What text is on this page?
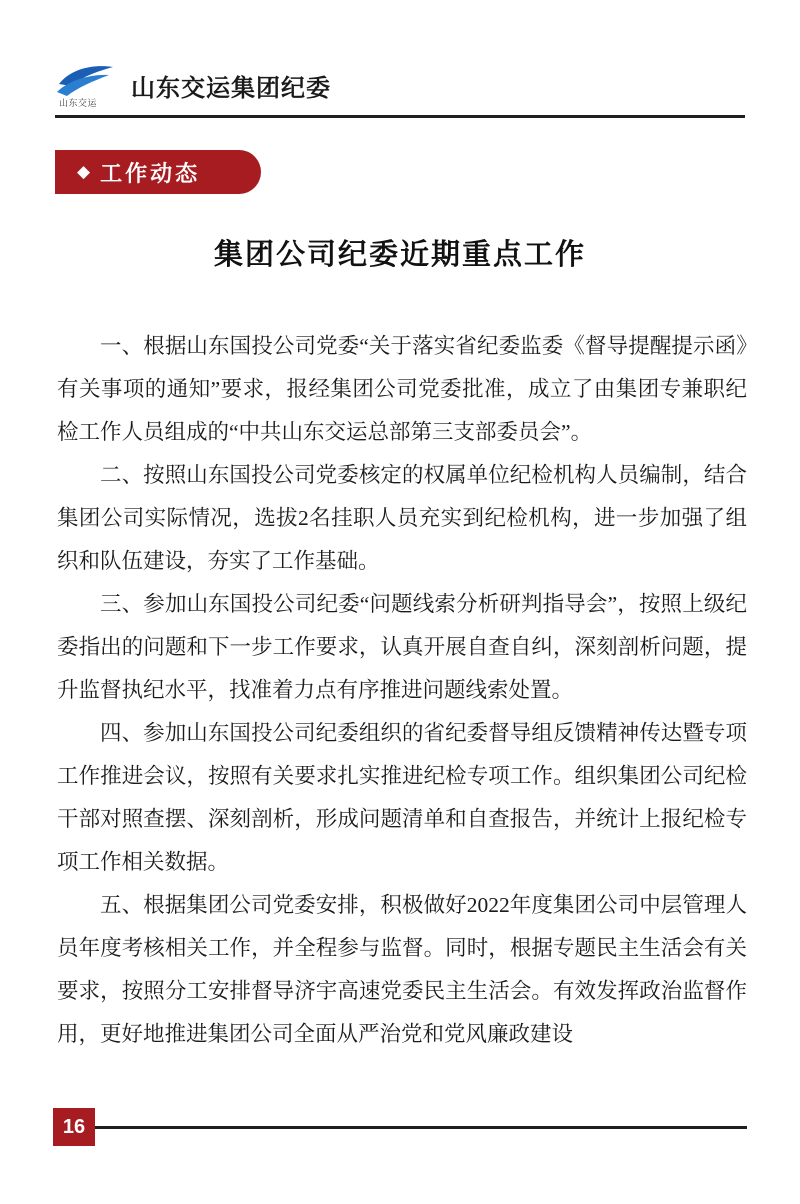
山东交运
山东交运集团纪委
◆ 工作动态
集团公司纪委近期重点工作

一、根据山东国投公司党委“关于落实省纪委监委《督导提醒提示函》有关事项的通知”要求，报经集团公司党委批准，成立了由集团专兼职纪检工作人员组成的“中共山东交运总部第三支部委员会”。

二、按照山东国投公司党委核定的权属单位纪检机构人员编制，结合集团公司实际情况，选拔2名挂职人员充实到纪检机构，进一步加强了组织和队伍建设，夯实了工作基础。

三、参加山东国投公司纪委“问题线索分析研判指导会”，按照上级纪委指出的问题和下一步工作要求，认真开展自查自纠，深刻剖析问题，提升监督执纪水平，找准着力点有序推进问题线索处置。

四、参加山东国投公司纪委组织的省纪委督导组反馈精神传达暨专项工作推进会议，按照有关要求扎实推进纪检专项工作。组织集团公司纪检干部对照查摆、深刻剖析，形成问题清单和自查报告，并统计上报纪检专项工作相关数据。

五、根据集团公司党委安排，积极做好2022年度集团公司中层管理人员年度考核相关工作，并全程参与监督。同时，根据专题民主生活会有关要求，按照分工安排督导济宇高速党委民主生活会。有效发挥政治监督作用，更好地推进集团公司全面从严治党和党风廉政建设

16
